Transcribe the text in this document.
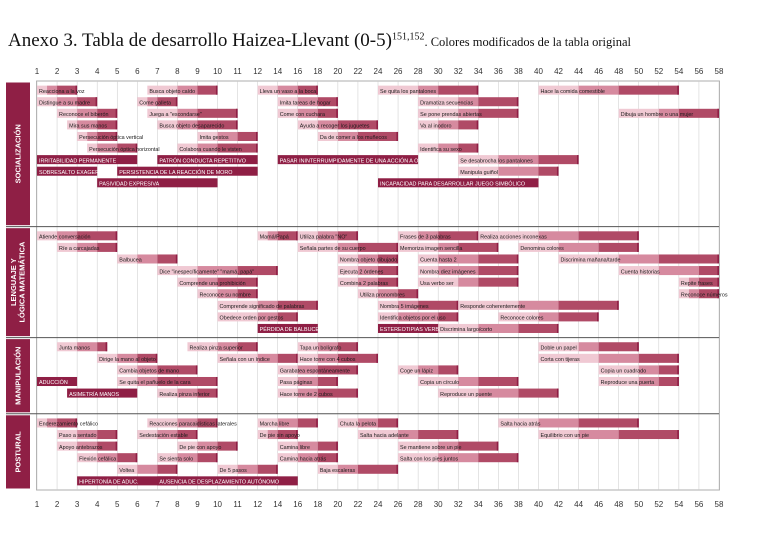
Anexo 3. Tabla de desarrollo Haizea-Llevant $(0-5)^{151,152}$. Colores modificados de la tabla original
1
1
2
2
3
3
4
4
5
5
6
6
7
7
8
8
9
9
10
10
11
11
12
12
14
14
16
16
18
18
20
20
22
22
24
24
26
26
28
28
30
30
32
32
34
34
36
36
38
38
40
40
42
42
44
44
46
46
48
48
50
50
52
52
54
54
56
56
58
58
SOCIALIZACIÓN
Reacciona a la voz	Busca objeto caído	Lleva un vaso a la boca	Se quita los pantalones	Hace la comida comestible
Distingue a su madre	Come galleta	Imita tareas de hogar	Dramatiza secuencias
Reconoce el biberón	Juega a "escondarse"	Come con cuchara	Se pone prendas abiertas	Dibuja un hombre o una mujer
Mira sus manos	Busca objeto desaparecido	Ayuda a recoger los juguetes	Va al inodoro
Persecución óptica vertical	Imita gestos	Da de comer a los muñecos
Persecución óptica horizontal	Colabora cuando le visten	Identifica su sexo
Se desabrocha los pantalones
Manipula guiñol
IRRITABILIDAD PERMANENTE	PATRÓN CONDUCTA REPETITIVO	PASAR ININTERRUMPIDAMENTE DE UNA ACCIÓN A OTRA
SOBRESALTO EXAGERADO PERSISTENCIA DE LA REACCIÓN DE MORO
PASIVIDAD EXPRESIVA	INCAPACIDAD PARA DESARROLLAR JUEGO SIMBÓLICO
LENGUAJE YLÓGICA MATEMÁTICA
Atiende conversación	Mamá/Papá Utiliza palabra "NO"	Frases de 3 palabras	Realiza acciones inconexas
Ríe a carcajadas	Señala partes de su cuerpo	Memoriza imagen sencilla	Denomina colores
Balbucea	Nombra objeto dibujado	Cuenta hasta 2	Discrimina mañana/tarde
Dice "inespecíficamente" "mamá, papá"	Ejecuta 2 órdenes	Nombra diez imágenes	Cuenta historias
Comprende una prohibición	Combina 2 palabras	Usa verbo ser	Repite frases
Reconoce su nombre	Utiliza pronombres	Reconoce números
Comprende significado de palabras	Nombra 5 imágenes	Responde coherentemente
Obedece orden por gestos	Identifica objetos por el uso	Reconoce colores
Discrimina largo/corto
PÉRDIDA DE BALBUCEO	ESTEREOTIPIAS VERB.
MANIPULACIÓN	Junta manos	Realiza pinza superior	Tapa un bolígrafo	Doble un papel
Dirige la mano al objeto	Señala con un índice	Hace torre con 4 cubos	Corta con tijeras
Cambia objetos de mano	Garabatea espontáneamente	Coge un lápiz	Copia un cuadrado
Se quita el pañuelo de la cara	Pasa páginas	Copia un círculo	Reproduce una puerta
Realiza pinza inferior	Hace torre de 2 cubos	Reproduce un puente
ADUCCIÓN
ASIMETRÍA MANOS
POSTURAL
Enderezamiento cefálico	Reacciones paracaidísticas laterales	Marcha libre	Chuta la pelota	Salta hacia atrás
Paso a sentado	Sedestación estable	De pie sin apoyo	Salta hacia adelante	Equilibrio con un pie
Apoyo antebrazos	De pie con apoyo	Camina libre	Se mantiene sobre un pie
Flexión cefálica	Se sienta solo	Camina hacia atrás	Salta con los pies juntos
Voltea	De 5 pasos	Baja escaleras
HIPERTONÍA DE ADUC.	AUSENCIA DE DESPLAZAMIENTO AUTÓNOMO
